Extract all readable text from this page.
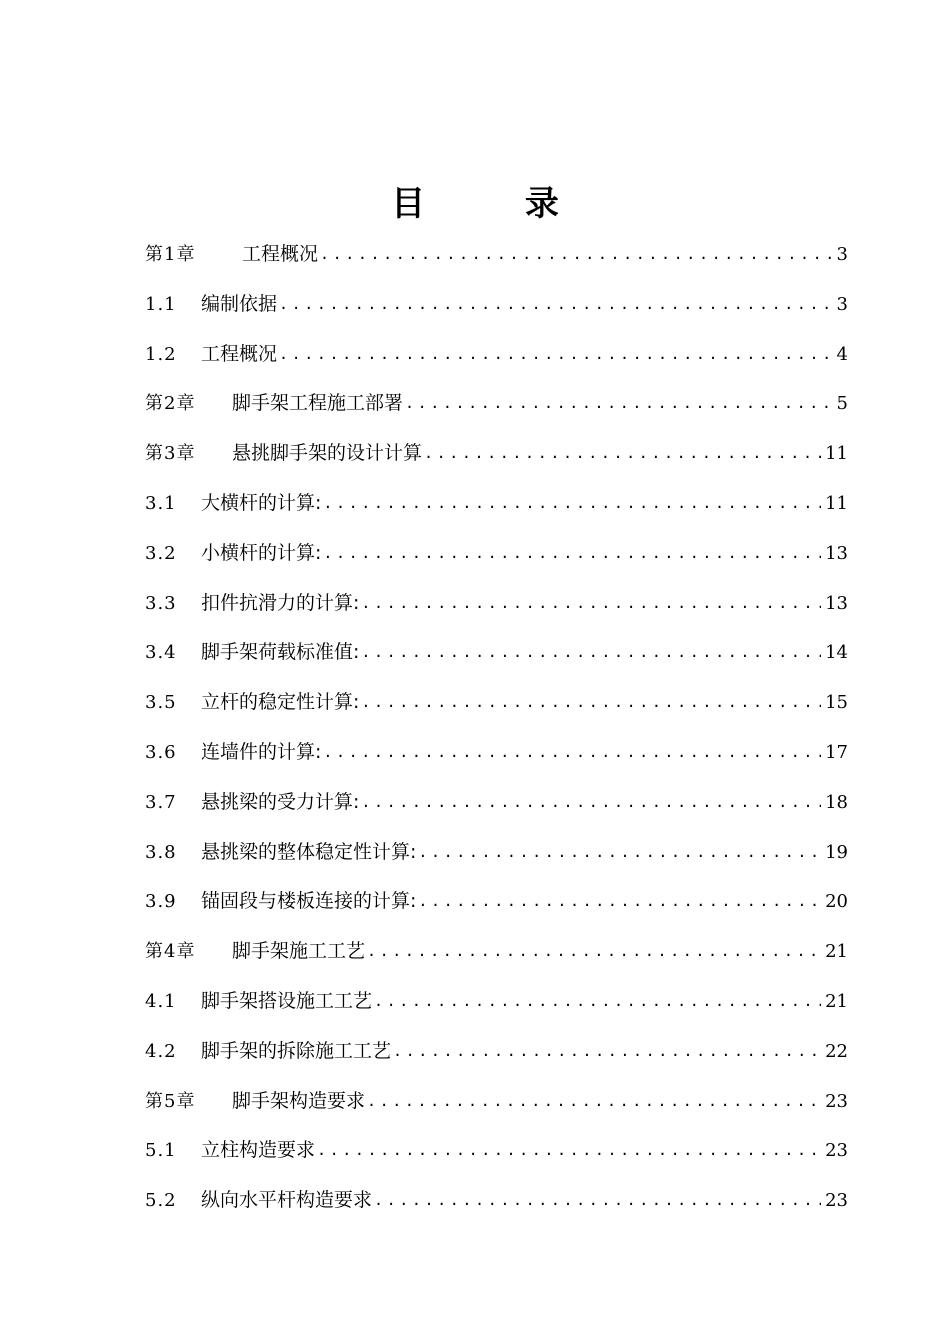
目 录
第1章	工程概况 .....	3
1.1	编制依据 .....	3
1.2	工程概况 .....	4
第2章	脚手架工程施工部署 .....	5
第3章	悬挑脚手架的设计计算 .....	11
3.1	大横杆的计算: .....	11
3.2	小横杆的计算: .....	13
3.3	扣件抗滑力的计算: .....	13
3.4	脚手架荷载标准值: .....	14
3.5	立杆的稳定性计算: .....	15
3.6	连墙件的计算: .....	17
3.7	悬挑梁的受力计算: .....	18
3.8	悬挑梁的整体稳定性计算: .....	19
3.9	锚固段与楼板连接的计算: .....	20
第4章	脚手架施工工艺 .....	21
4.1	脚手架搭设施工工艺 .....	21
4.2	脚手架的拆除施工工艺 .....	22
第5章	脚手架构造要求 .....	23
5.1	立柱构造要求 .....	23
5.2	纵向水平杆构造要求 .....	23
